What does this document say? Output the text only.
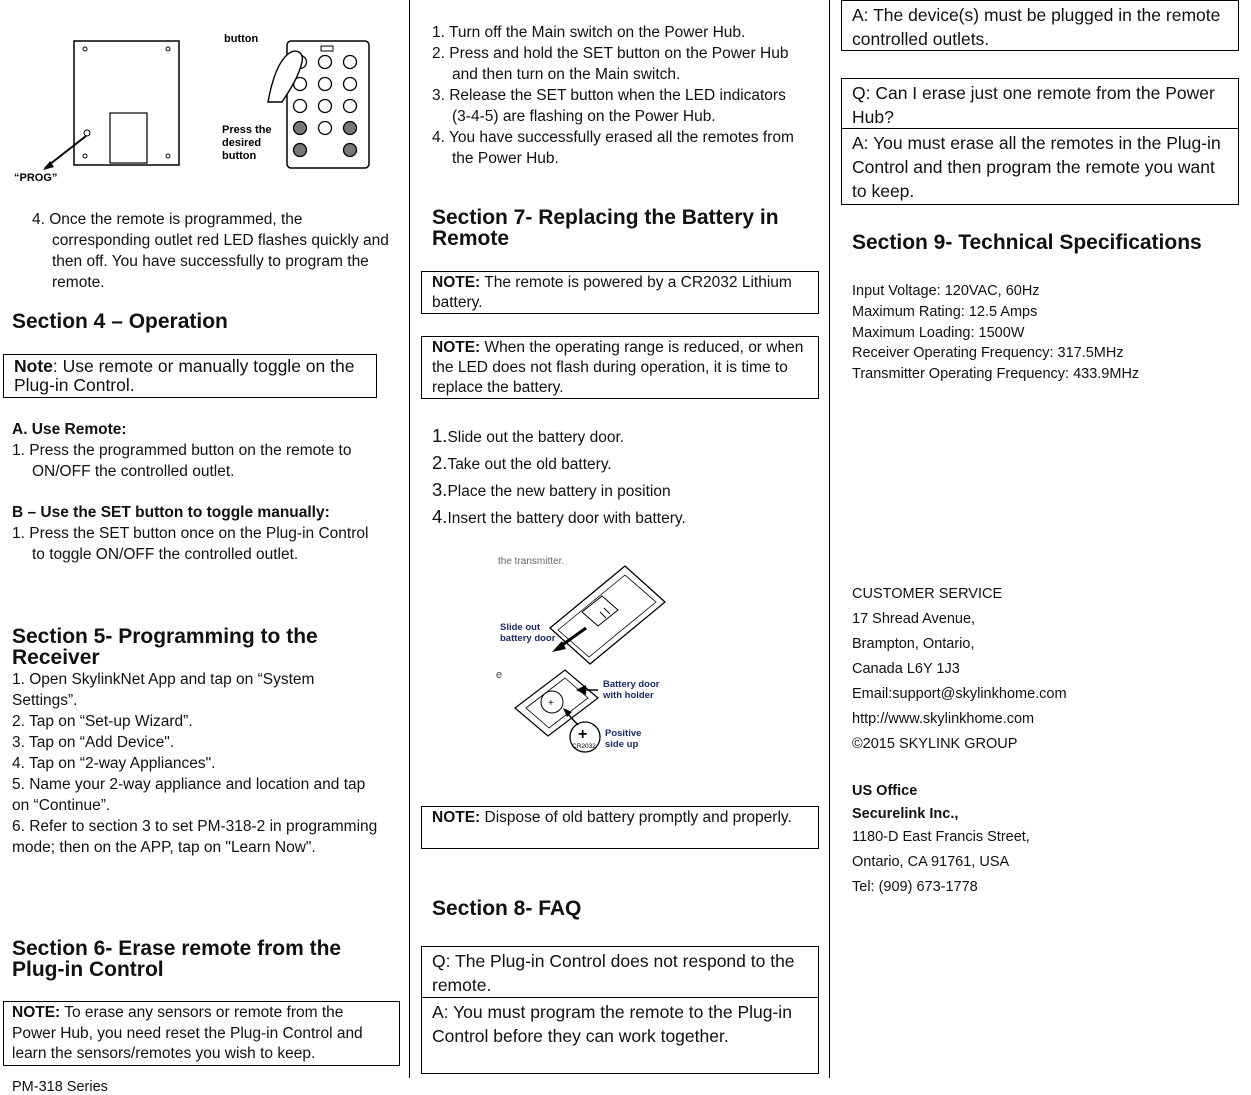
“PROG”
button
Press the
desired
button
4. Once the remote is programmed, the corresponding outlet red LED flashes quickly and then off. You have successfully to program the remote.
Section 4 – Operation
Note: Use remote or manually toggle on the Plug-in Control.
A. Use Remote:
1. Press the programmed button on the remote to ON/OFF the controlled outlet.
B – Use the SET button to toggle manually:
1. Press the SET button once on the Plug-in Control to toggle ON/OFF the controlled outlet.
Section 5- Programming to the Receiver
1. Open SkylinkNet App and tap on “System Settings”.
2. Tap on “Set-up Wizard”.
3. Tap on “Add Device".
4. Tap on “2-way Appliances".
5. Name your 2-way appliance and location and tap on “Continue”.
6. Refer to section 3 to set PM-318-2 in programming mode; then on the APP, tap on "Learn Now".
Section 6- Erase remote from the Plug-in Control
NOTE: To erase any sensors or remote from the Power Hub, you need reset the Plug-in Control and learn the sensors/remotes you wish to keep.
PM-318 Series
1. Turn off the Main switch on the Power Hub.
2. Press and hold the SET button on the Power Hub and then turn on the Main switch.
3. Release the SET button when the LED indicators (3-4-5) are flashing on the Power Hub.
4. You have successfully erased all the remotes from the Power Hub.
Section 7- Replacing the Battery in Remote
NOTE: The remote is powered by a CR2032 Lithium battery.
NOTE: When the operating range is reduced, or when the LED does not flash during operation, it is time to replace the battery.
1.Slide out the battery door.
2.Take out the old battery.
3.Place the new battery in position
4.Insert the battery door with battery.
the transmitter.
Slide out
battery door
e
+
Battery door
with holder
+
CR2032
Positive
side up
NOTE: Dispose of old battery promptly and properly.
Section 8- FAQ
Q: The Plug-in Control does not respond to the remote.
A: You must program the remote to the Plug-in Control before they can work together.
A: The device(s) must be plugged in the remote controlled outlets.
Q: Can I erase just one remote from the Power Hub?
A: You must erase all the remotes in the Plug-in Control and then program the remote you want to keep.
Section 9- Technical Specifications
Input Voltage: 120VAC, 60Hz
Maximum Rating: 12.5 Amps
Maximum Loading: 1500W
Receiver Operating Frequency: 317.5MHz
Transmitter Operating Frequency: 433.9MHz
CUSTOMER SERVICE
17 Shread Avenue,
Brampton, Ontario,
Canada L6Y 1J3
Email:support@skylinkhome.com
http://www.skylinkhome.com
©2015 SKYLINK GROUP
US Office
Securelink Inc.,
1180-D East Francis Street,
Ontario, CA 91761, USA
Tel: (909) 673-1778
